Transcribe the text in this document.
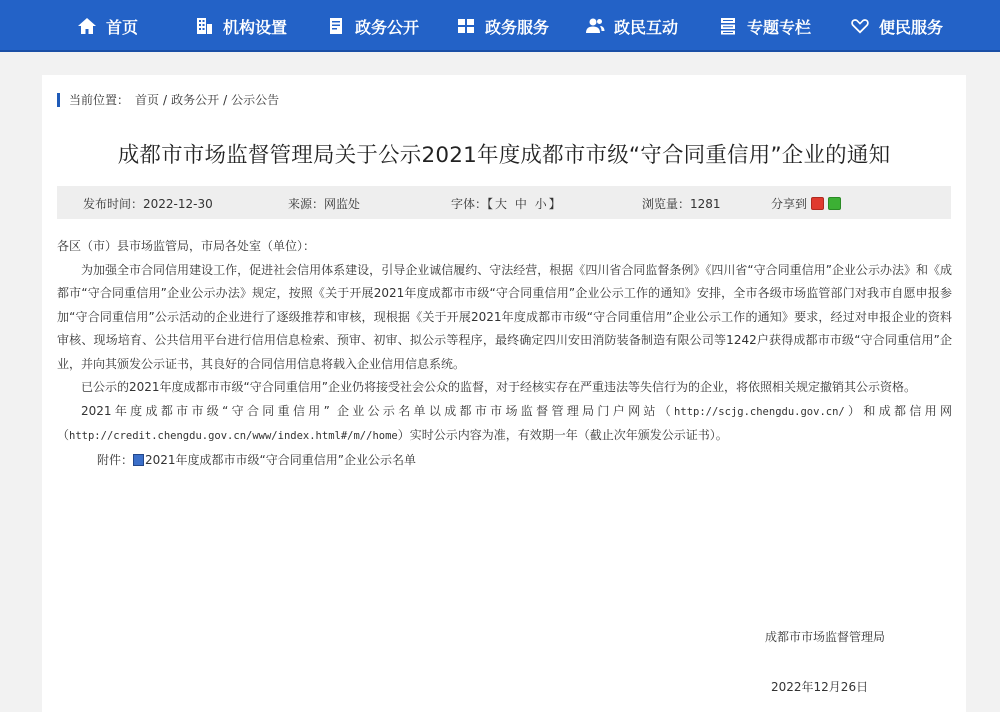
首页	机构设置	政务公开	政务服务	政民互动	专题专栏	便民服务
当前位置： 首页 / 政务公开 / 公示公告
成都市市场监督管理局关于公示2021年度成都市市级“守合同重信用”企业的通知
发布时间：2022-12-30	来源：网监处	字体：【 大 中 小 】	浏览量：1281	分享到

各区（市）县市场监管局，市局各处室（单位）：

为加强全市合同信用建设工作，促进社会信用体系建设，引导企业诚信履约、守法经营，根据《四川省合同监督条例》《四川省“守合同重信用”企业公示办法》和《成都市“守合同重信用”企业公示办法》规定，按照《关于开展2021年度成都市市级“守合同重信用”企业公示工作的通知》安排，全市各级市场监管部门对我市自愿申报参加“守合同重信用”公示活动的企业进行了逐级推荐和审核，现根据《关于开展2021年度成都市市级“守合同重信用”企业公示工作的通知》要求，经过对申报企业的资料审核、现场培育、公共信用平台进行信用信息检索、预审、初审、拟公示等程序，最终确定四川安田消防装备制造有限公司等1242户获得成都市市级“守合同重信用”企业，并向其颁发公示证书，其良好的合同信用信息将载入企业信用信息系统。

已公示的2021年度成都市市级“守合同重信用”企业仍将接受社会公众的监督，对于经核实存在严重违法等失信行为的企业，将依照相关规定撤销其公示资格。

2021年度成都市市级“守合同重信用” 企业公示名单以成都市市场监督管理局门户网站（http://scjg.chengdu.gov.cn/）和成都信用网（http://credit.chengdu.gov.cn/www/index.html#/m//home）实时公示内容为准，有效期一年（截止次年颁发公示证书）。

附件： 2021年度成都市市级“守合同重信用”企业公示名单

成都市市场监督管理局
2022年12月26日
